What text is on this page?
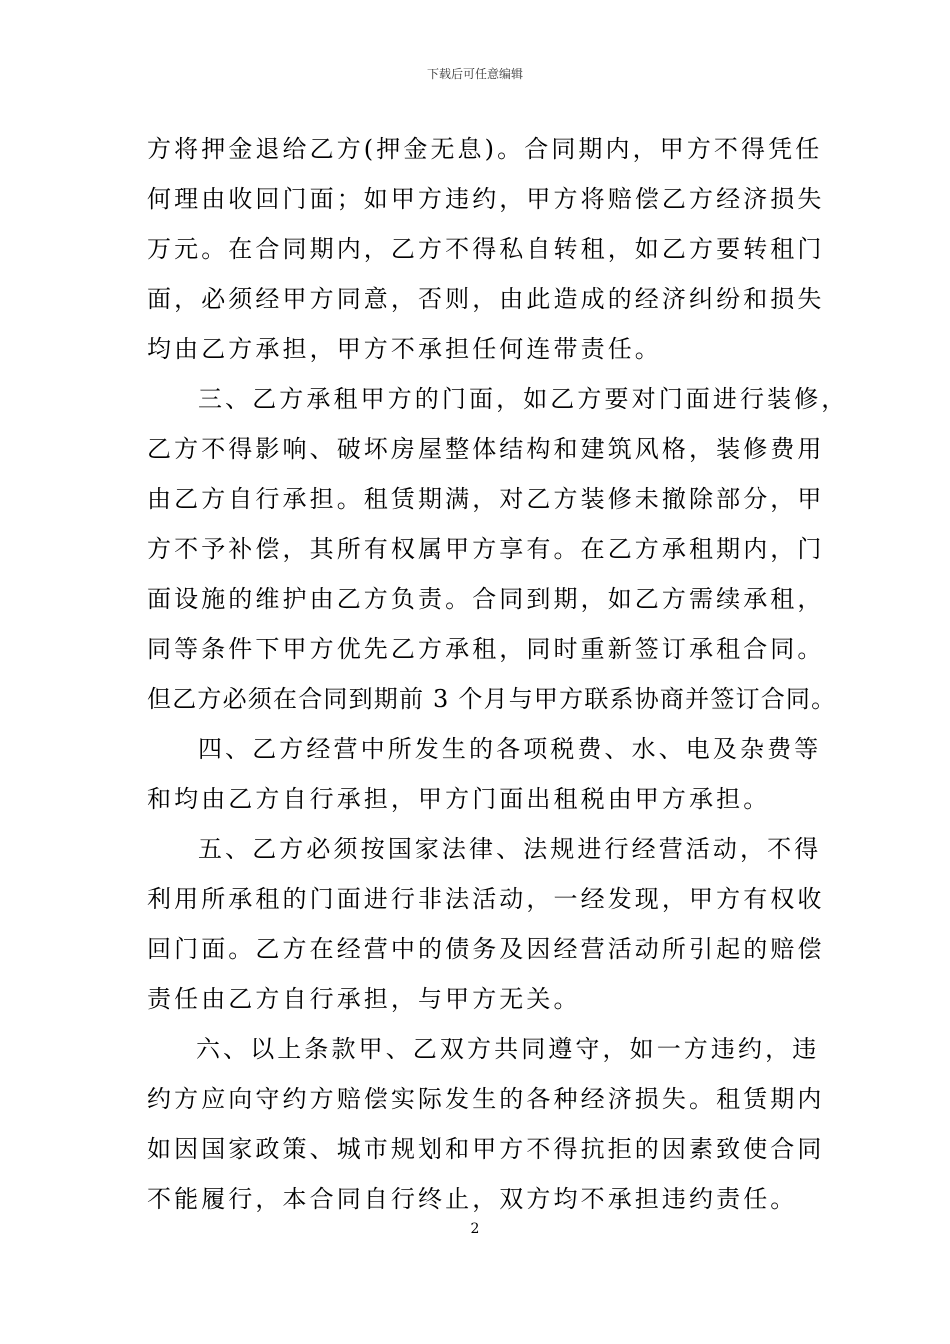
下载后可任意编辑
方将押金退给乙方(押金无息)。合同期内，甲方不得凭任
何理由收回门面；如甲方违约，甲方将赔偿乙方经济损失
万元。在合同期内，乙方不得私自转租，如乙方要转租门
面，必须经甲方同意，否则，由此造成的经济纠纷和损失
均由乙方承担，甲方不承担任何连带责任。
三、乙方承租甲方的门面，如乙方要对门面进行装修，
乙方不得影响、破坏房屋整体结构和建筑风格，装修费用
由乙方自行承担。租赁期满，对乙方装修未撤除部分，甲
方不予补偿，其所有权属甲方享有。在乙方承租期内，门
面设施的维护由乙方负责。合同到期，如乙方需续承租，
同等条件下甲方优先乙方承租，同时重新签订承租合同。
但乙方必须在合同到期前 3 个月与甲方联系协商并签订合同。
四、乙方经营中所发生的各项税费、水、电及杂费等
和均由乙方自行承担，甲方门面出租税由甲方承担。
五、乙方必须按国家法律、法规进行经营活动，不得
利用所承租的门面进行非法活动，一经发现，甲方有权收
回门面。乙方在经营中的债务及因经营活动所引起的赔偿
责任由乙方自行承担，与甲方无关。
六、以上条款甲、乙双方共同遵守，如一方违约，违
约方应向守约方赔偿实际发生的各种经济损失。租赁期内
如因国家政策、城市规划和甲方不得抗拒的因素致使合同
不能履行，本合同自行终止，双方均不承担违约责任。
2
